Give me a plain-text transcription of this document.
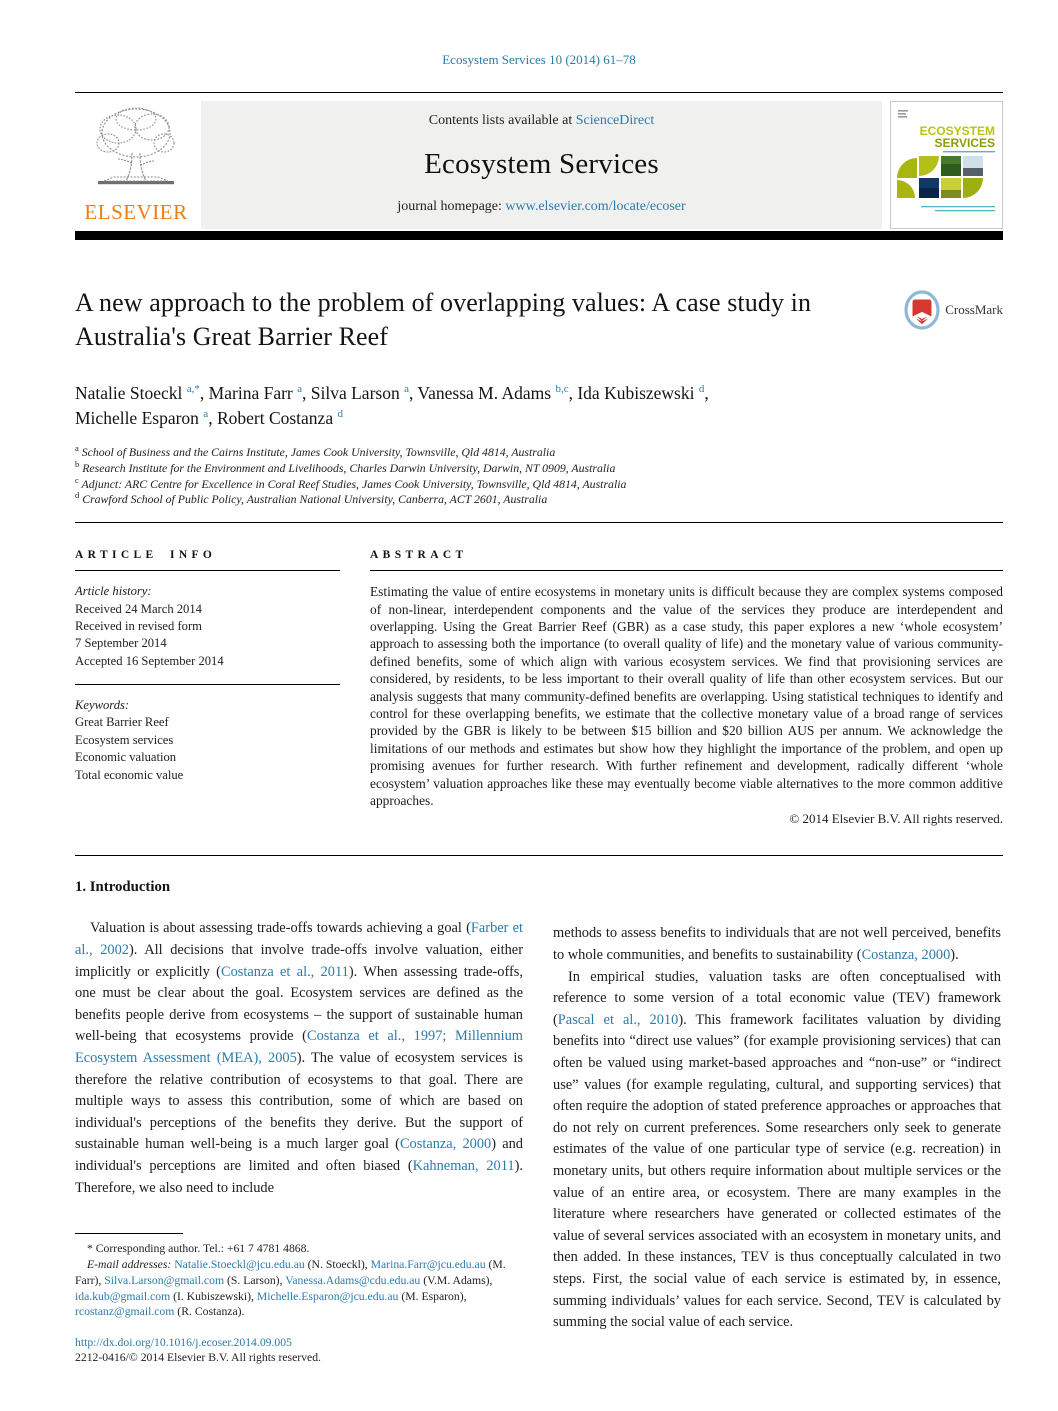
Ecosystem Services 10 (2014) 61–78
ELSEVIER
Contents lists available at ScienceDirect
Ecosystem Services
journal homepage: www.elsevier.com/locate/ecoser
ECOSYSTEM
SERVICES
A new approach to the problem of overlapping values: A case study in Australia's Great Barrier Reef
CrossMark
Natalie Stoeckl $^{a,*}$, Marina Farr $^a$, Silva Larson $^a$, Vanessa M. Adams $^{b,c}$, Ida Kubiszewski $^d$,
Michelle Esparon $^a$, Robert Costanza $^d$
$^a$ School of Business and the Cairns Institute, James Cook University, Townsville, Qld 4814, Australia
$^b$ Research Institute for the Environment and Livelihoods, Charles Darwin University, Darwin, NT 0909, Australia
$^c$ Adjunct: ARC Centre for Excellence in Coral Reef Studies, James Cook University, Townsville, Qld 4814, Australia
$^d$ Crawford School of Public Policy, Australian National University, Canberra, ACT 2601, Australia
ARTICLE INFO
Article history:
Received 24 March 2014
Received in revised form
7 September 2014
Accepted 16 September 2014
Keywords:
Great Barrier Reef
Ecosystem services
Economic valuation
Total economic value
ABSTRACT

Estimating the value of entire ecosystems in monetary units is difficult because they are complex systems composed of non-linear, interdependent components and the value of the services they produce are interdependent and overlapping. Using the Great Barrier Reef (GBR) as a case study, this paper explores a new ‘whole ecosystem’ approach to assessing both the importance (to overall quality of life) and the monetary value of various community-defined benefits, some of which align with various ecosystem services. We find that provisioning services are considered, by residents, to be less important to their overall quality of life than other ecosystem services. But our analysis suggests that many community-defined benefits are overlapping. Using statistical techniques to identify and control for these overlapping benefits, we estimate that the collective monetary value of a broad range of services provided by the GBR is likely to be between $15 billion and $20 billion AUS per annum. We acknowledge the limitations of our methods and estimates but show how they highlight the importance of the problem, and open up promising avenues for further research. With further refinement and development, radically different ‘whole ecosystem’ valuation approaches like these may eventually become viable alternatives to the more common additive approaches.

© 2014 Elsevier B.V. All rights reserved.
1. Introduction

Valuation is about assessing trade-offs towards achieving a goal (Farber et al., 2002). All decisions that involve trade-offs involve valuation, either implicitly or explicitly (Costanza et al., 2011). When assessing trade-offs, one must be clear about the goal. Ecosystem services are defined as the benefits people derive from ecosystems – the support of sustainable human well-being that ecosystems provide (Costanza et al., 1997; Millennium Ecosystem Assessment (MEA), 2005). The value of ecosystem services is therefore the relative contribution of ecosystems to that goal. There are multiple ways to assess this contribution, some of which are based on individual's perceptions of the benefits they derive. But the support of sustainable human well-being is a much larger goal (Costanza, 2000) and individual's perceptions are limited and often biased (Kahneman, 2011). Therefore, we also need to include

* Corresponding author. Tel.: +61 7 4781 4868.
E-mail addresses: Natalie.Stoeckl@jcu.edu.au (N. Stoeckl), Marina.Farr@jcu.edu.au (M. Farr), Silva.Larson@gmail.com (S. Larson), Vanessa.Adams@cdu.edu.au (V.M. Adams), ida.kub@gmail.com (I. Kubiszewski), Michelle.Esparon@jcu.edu.au (M. Esparon), rcostanz@gmail.com (R. Costanza).
http://dx.doi.org/10.1016/j.ecoser.2014.09.005
2212-0416/© 2014 Elsevier B.V. All rights reserved.

methods to assess benefits to individuals that are not well perceived, benefits to whole communities, and benefits to sustainability (Costanza, 2000).

In empirical studies, valuation tasks are often conceptualised with reference to some version of a total economic value (TEV) framework (Pascal et al., 2010). This framework facilitates valuation by dividing benefits into “direct use values” (for example provisioning services) that can often be valued using market-based approaches and “non-use” or “indirect use” values (for example regulating, cultural, and supporting services) that often require the adoption of stated preference approaches or approaches that do not rely on current preferences. Some researchers only seek to generate estimates of the value of one particular type of service (e.g. recreation) in monetary units, but others require information about multiple services or the value of an entire area, or ecosystem. There are many examples in the literature where researchers have generated or collected estimates of the value of several services associated with an ecosystem in monetary units, and then added. In these instances, TEV is thus conceptually calculated in two steps. First, the social value of each service is estimated by, in essence, summing individuals’ values for each service. Second, TEV is calculated by summing the social value of each service.
